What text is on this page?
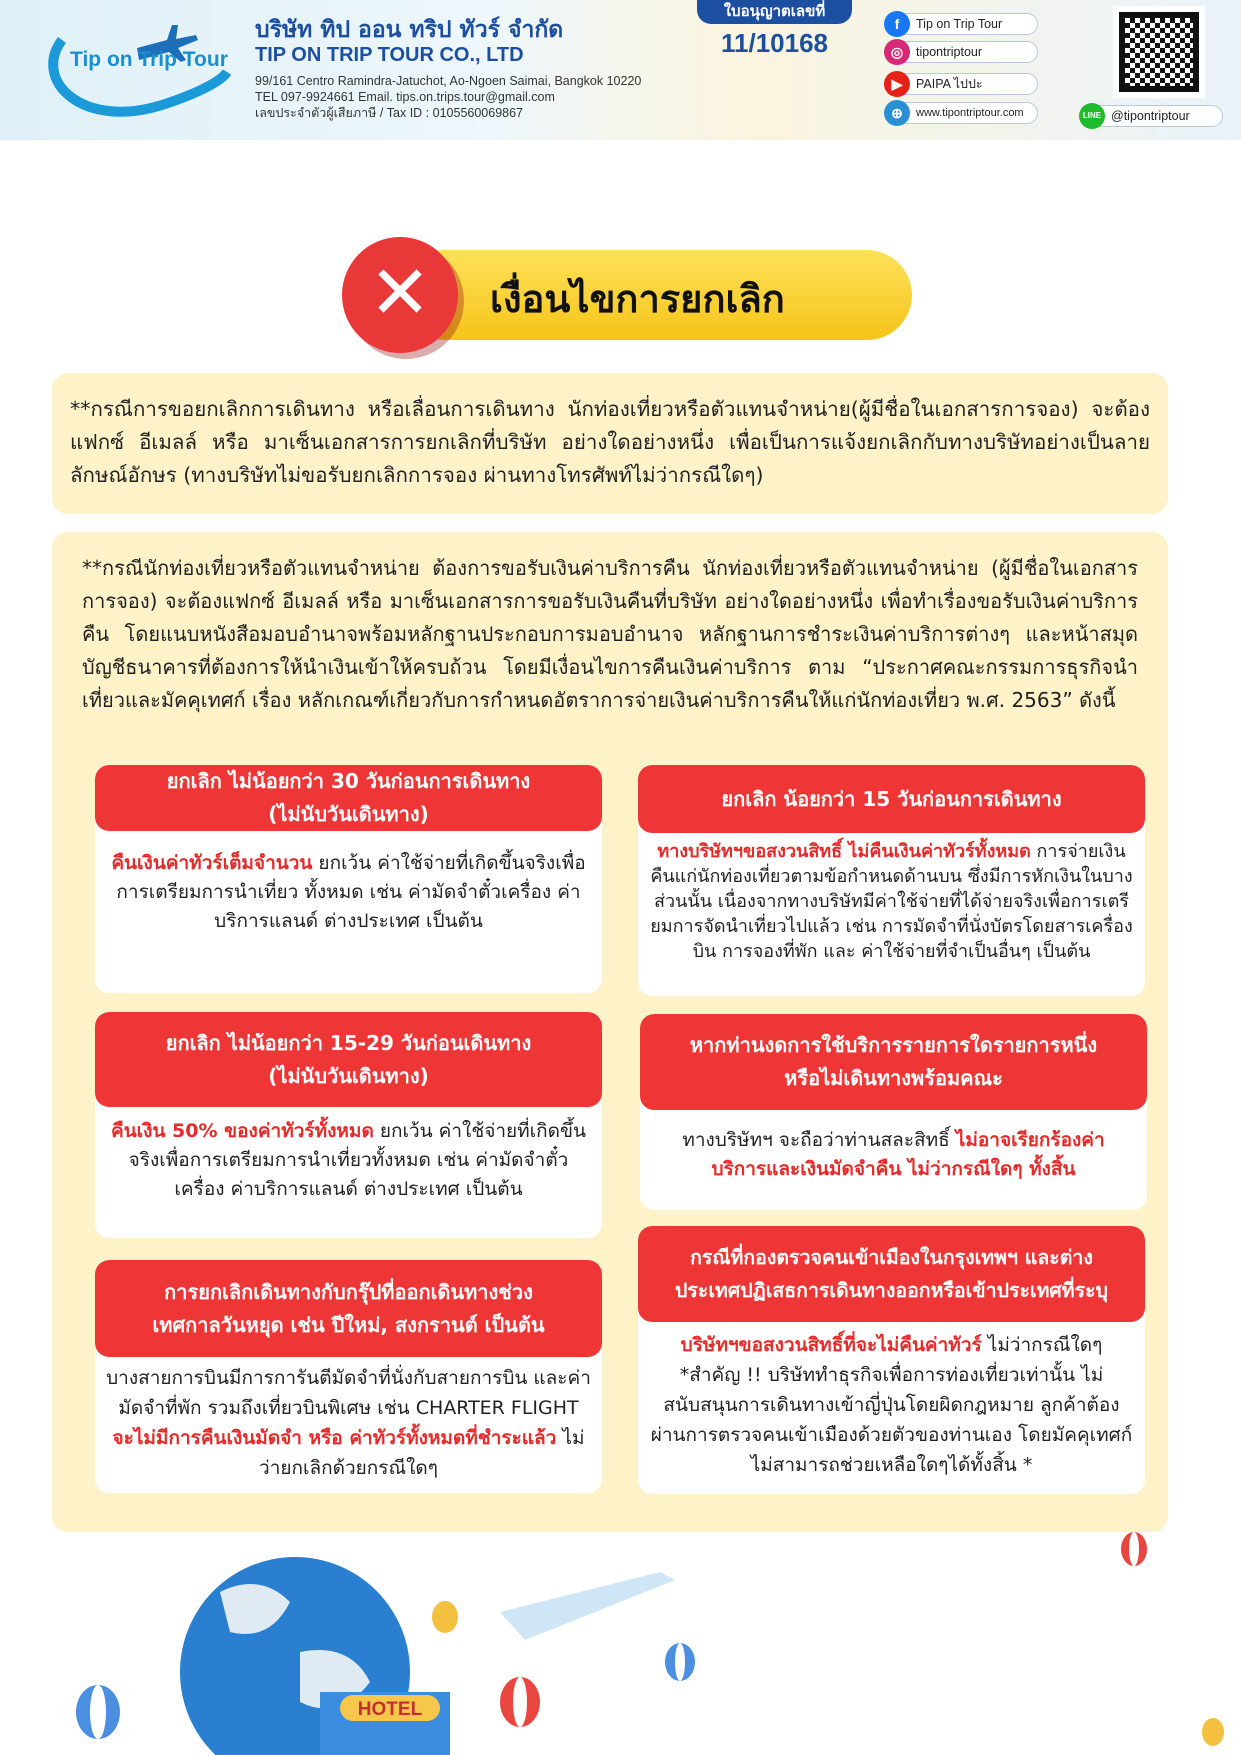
Tip on Trip Tour
บริษัท ทิป ออน ทริป ทัวร์ จำกัด
TIP ON TRIP TOUR CO., LTD
99/161 Centro Ramindra-Jatuchot, Ao-Ngoen Saimai, Bangkok 10220
TEL 097-9924661 Email. tips.on.trips.tour@gmail.com
เลขประจำตัวผู้เสียภาษี / Tax ID : 0105560069867
ใบอนุญาตเลขที่
11/10168
f	Tip on Trip Tour
◎	tipontriptour
▶	PAIPA ไปปะ
⊕	www.tipontriptour.com	LINE @tipontriptour
✕	เงื่อนไขการยกเลิก

**กรณีการขอยกเลิกการเดินทาง หรือเลื่อนการเดินทาง นักท่องเที่ยวหรือตัวแทนจำหน่าย(ผู้มีชื่อในเอกสารการจอง) จะต้องแฟกซ์ อีเมลล์ หรือ มาเซ็นเอกสารการยกเลิกที่บริษัท อย่างใดอย่างหนึ่ง เพื่อเป็นการแจ้งยกเลิกกับทางบริษัทอย่างเป็นลายลักษณ์อักษร (ทางบริษัทไม่ขอรับยกเลิกการจอง ผ่านทางโทรศัพท์ไม่ว่ากรณีใดๆ)

**กรณีนักท่องเที่ยวหรือตัวแทนจำหน่าย ต้องการขอรับเงินค่าบริการคืน นักท่องเที่ยวหรือตัวแทนจำหน่าย (ผู้มีชื่อในเอกสารการจอง) จะต้องแฟกซ์ อีเมลล์ หรือ มาเซ็นเอกสารการขอรับเงินคืนที่บริษัท อย่างใดอย่างหนึ่ง เพื่อทำเรื่องขอรับเงินค่าบริการคืน โดยแนบหนังสือมอบอำนาจพร้อมหลักฐานประกอบการมอบอำนาจ หลักฐานการชำระเงินค่าบริการต่างๆ และหน้าสมุดบัญชีธนาคารที่ต้องการให้นำเงินเข้าให้ครบถ้วน โดยมีเงื่อนไขการคืนเงินค่าบริการ ตาม “ประกาศคณะกรรมการธุรกิจนำเที่ยวและมัคคุเทศก์ เรื่อง หลักเกณฑ์เกี่ยวกับการกำหนดอัตราการจ่ายเงินค่าบริการคืนให้แก่นักท่องเที่ยว พ.ศ. 2563” ดังนี้

ยกเลิก ไม่น้อยกว่า 30 วันก่อนการเดินทาง
(ไม่นับวันเดินทาง)
คืนเงินค่าทัวร์เต็มจำนวน ยกเว้น ค่าใช้จ่ายที่เกิดขึ้นจริงเพื่อการเตรียมการนำเที่ยว ทั้งหมด เช่น ค่ามัดจำตั๋วเครื่อง ค่าบริการแลนด์ ต่างประเทศ เป็นต้น
ยกเลิก น้อยกว่า 15 วันก่อนการเดินทาง
ทางบริษัทฯขอสงวนสิทธิ์ ไม่คืนเงินค่าทัวร์ทั้งหมด การจ่ายเงินคืนแก่นักท่องเที่ยวตามข้อกำหนดด้านบน ซึ่งมีการหักเงินในบางส่วนนั้น เนื่องจากทางบริษัทมีค่าใช้จ่ายที่ได้จ่ายจริงเพื่อการเตรียมการจัดนำเที่ยวไปแล้ว เช่น การมัดจำที่นั่งบัตรโดยสารเครื่องบิน การจองที่พัก และ ค่าใช้จ่ายที่จำเป็นอื่นๆ เป็นต้น
ยกเลิก ไม่น้อยกว่า 15-29 วันก่อนเดินทาง
(ไม่นับวันเดินทาง)
คืนเงิน 50% ของค่าทัวร์ทั้งหมด ยกเว้น ค่าใช้จ่ายที่เกิดขึ้นจริงเพื่อการเตรียมการนำเที่ยวทั้งหมด เช่น ค่ามัดจำตั๋วเครื่อง ค่าบริการแลนด์ ต่างประเทศ เป็นต้น
หากท่านงดการใช้บริการรายการใดรายการหนึ่ง
หรือไม่เดินทางพร้อมคณะ
ทางบริษัทฯ จะถือว่าท่านสละสิทธิ์ ไม่อาจเรียกร้องค่าบริการและเงินมัดจำคืน ไม่ว่ากรณีใดๆ ทั้งสิ้น
การยกเลิกเดินทางกับกรุ๊ปที่ออกเดินทางช่วง
เทศกาลวันหยุด เช่น ปีใหม่, สงกรานต์ เป็นต้น
บางสายการบินมีการการันตีมัดจำที่นั่งกับสายการบิน และค่ามัดจำที่พัก รวมถึงเที่ยวบินพิเศษ เช่น CHARTER FLIGHT จะไม่มีการคืนเงินมัดจำ หรือ ค่าทัวร์ทั้งหมดที่ชำระแล้ว ไม่ว่ายกเลิกด้วยกรณีใดๆ
กรณีที่กองตรวจคนเข้าเมืองในกรุงเทพฯ และต่าง
ประเทศปฏิเสธการเดินทางออกหรือเข้าประเทศที่ระบุ
บริษัทฯขอสงวนสิทธิ์ที่จะไม่คืนค่าทัวร์ ไม่ว่ากรณีใดๆ *สำคัญ !! บริษัททำธุรกิจเพื่อการท่องเที่ยวเท่านั้น ไม่สนับสนุนการเดินทางเข้าญี่ปุ่นโดยผิดกฎหมาย ลูกค้าต้องผ่านการตรวจคนเข้าเมืองด้วยตัวของท่านเอง โดยมัคคุเทศก์ไม่สามารถช่วยเหลือใดๆได้ทั้งสิ้น *
HOTEL
